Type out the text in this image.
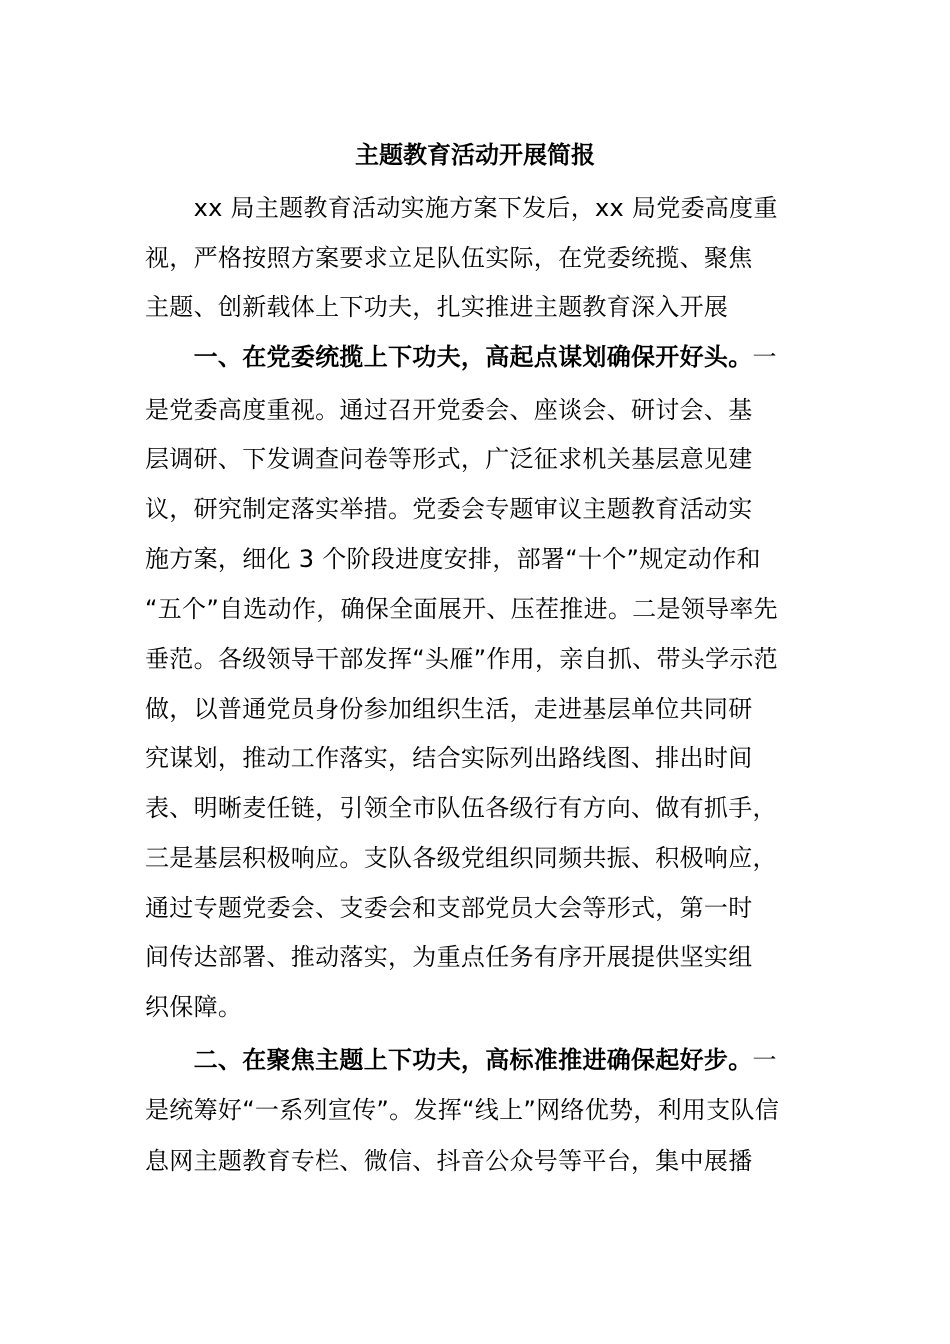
主题教育活动开展简报

　　xx 局主题教育活动实施方案下发后，xx 局党委高度重

视，严格按照方案要求立足队伍实际，在党委统揽、聚焦

主题、创新载体上下功夫，扎实推进主题教育深入开展

　　一、在党委统揽上下功夫，高起点谋划确保开好头。一

是党委高度重视。通过召开党委会、座谈会、研讨会、基

层调研、下发调查问卷等形式，广泛征求机关基层意见建

议，研究制定落实举措。党委会专题审议主题教育活动实

施方案，细化 3 个阶段进度安排，部署“十个”规定动作和

“五个”自选动作，确保全面展开、压茬推进。二是领导率先

垂范。各级领导干部发挥“头雁”作用，亲自抓、带头学示范

做，以普通党员身份参加组织生活，走进基层单位共同研

究谋划，推动工作落实，结合实际列出路线图、排出时间

表、明晰麦任链，引领全市队伍各级行有方向、做有抓手，

三是基层积极响应。支队各级党组织同频共振、积极响应，

通过专题党委会、支委会和支部党员大会等形式，第一时

间传达部署、推动落实，为重点任务有序开展提供坚实组

织保障。

　　二、在聚焦主题上下功夫，高标准推进确保起好步。一

是统筹好“一系列宣传”。发挥“线上”网络优势，利用支队信

息网主题教育专栏、微信、抖音公众号等平台，集中展播
